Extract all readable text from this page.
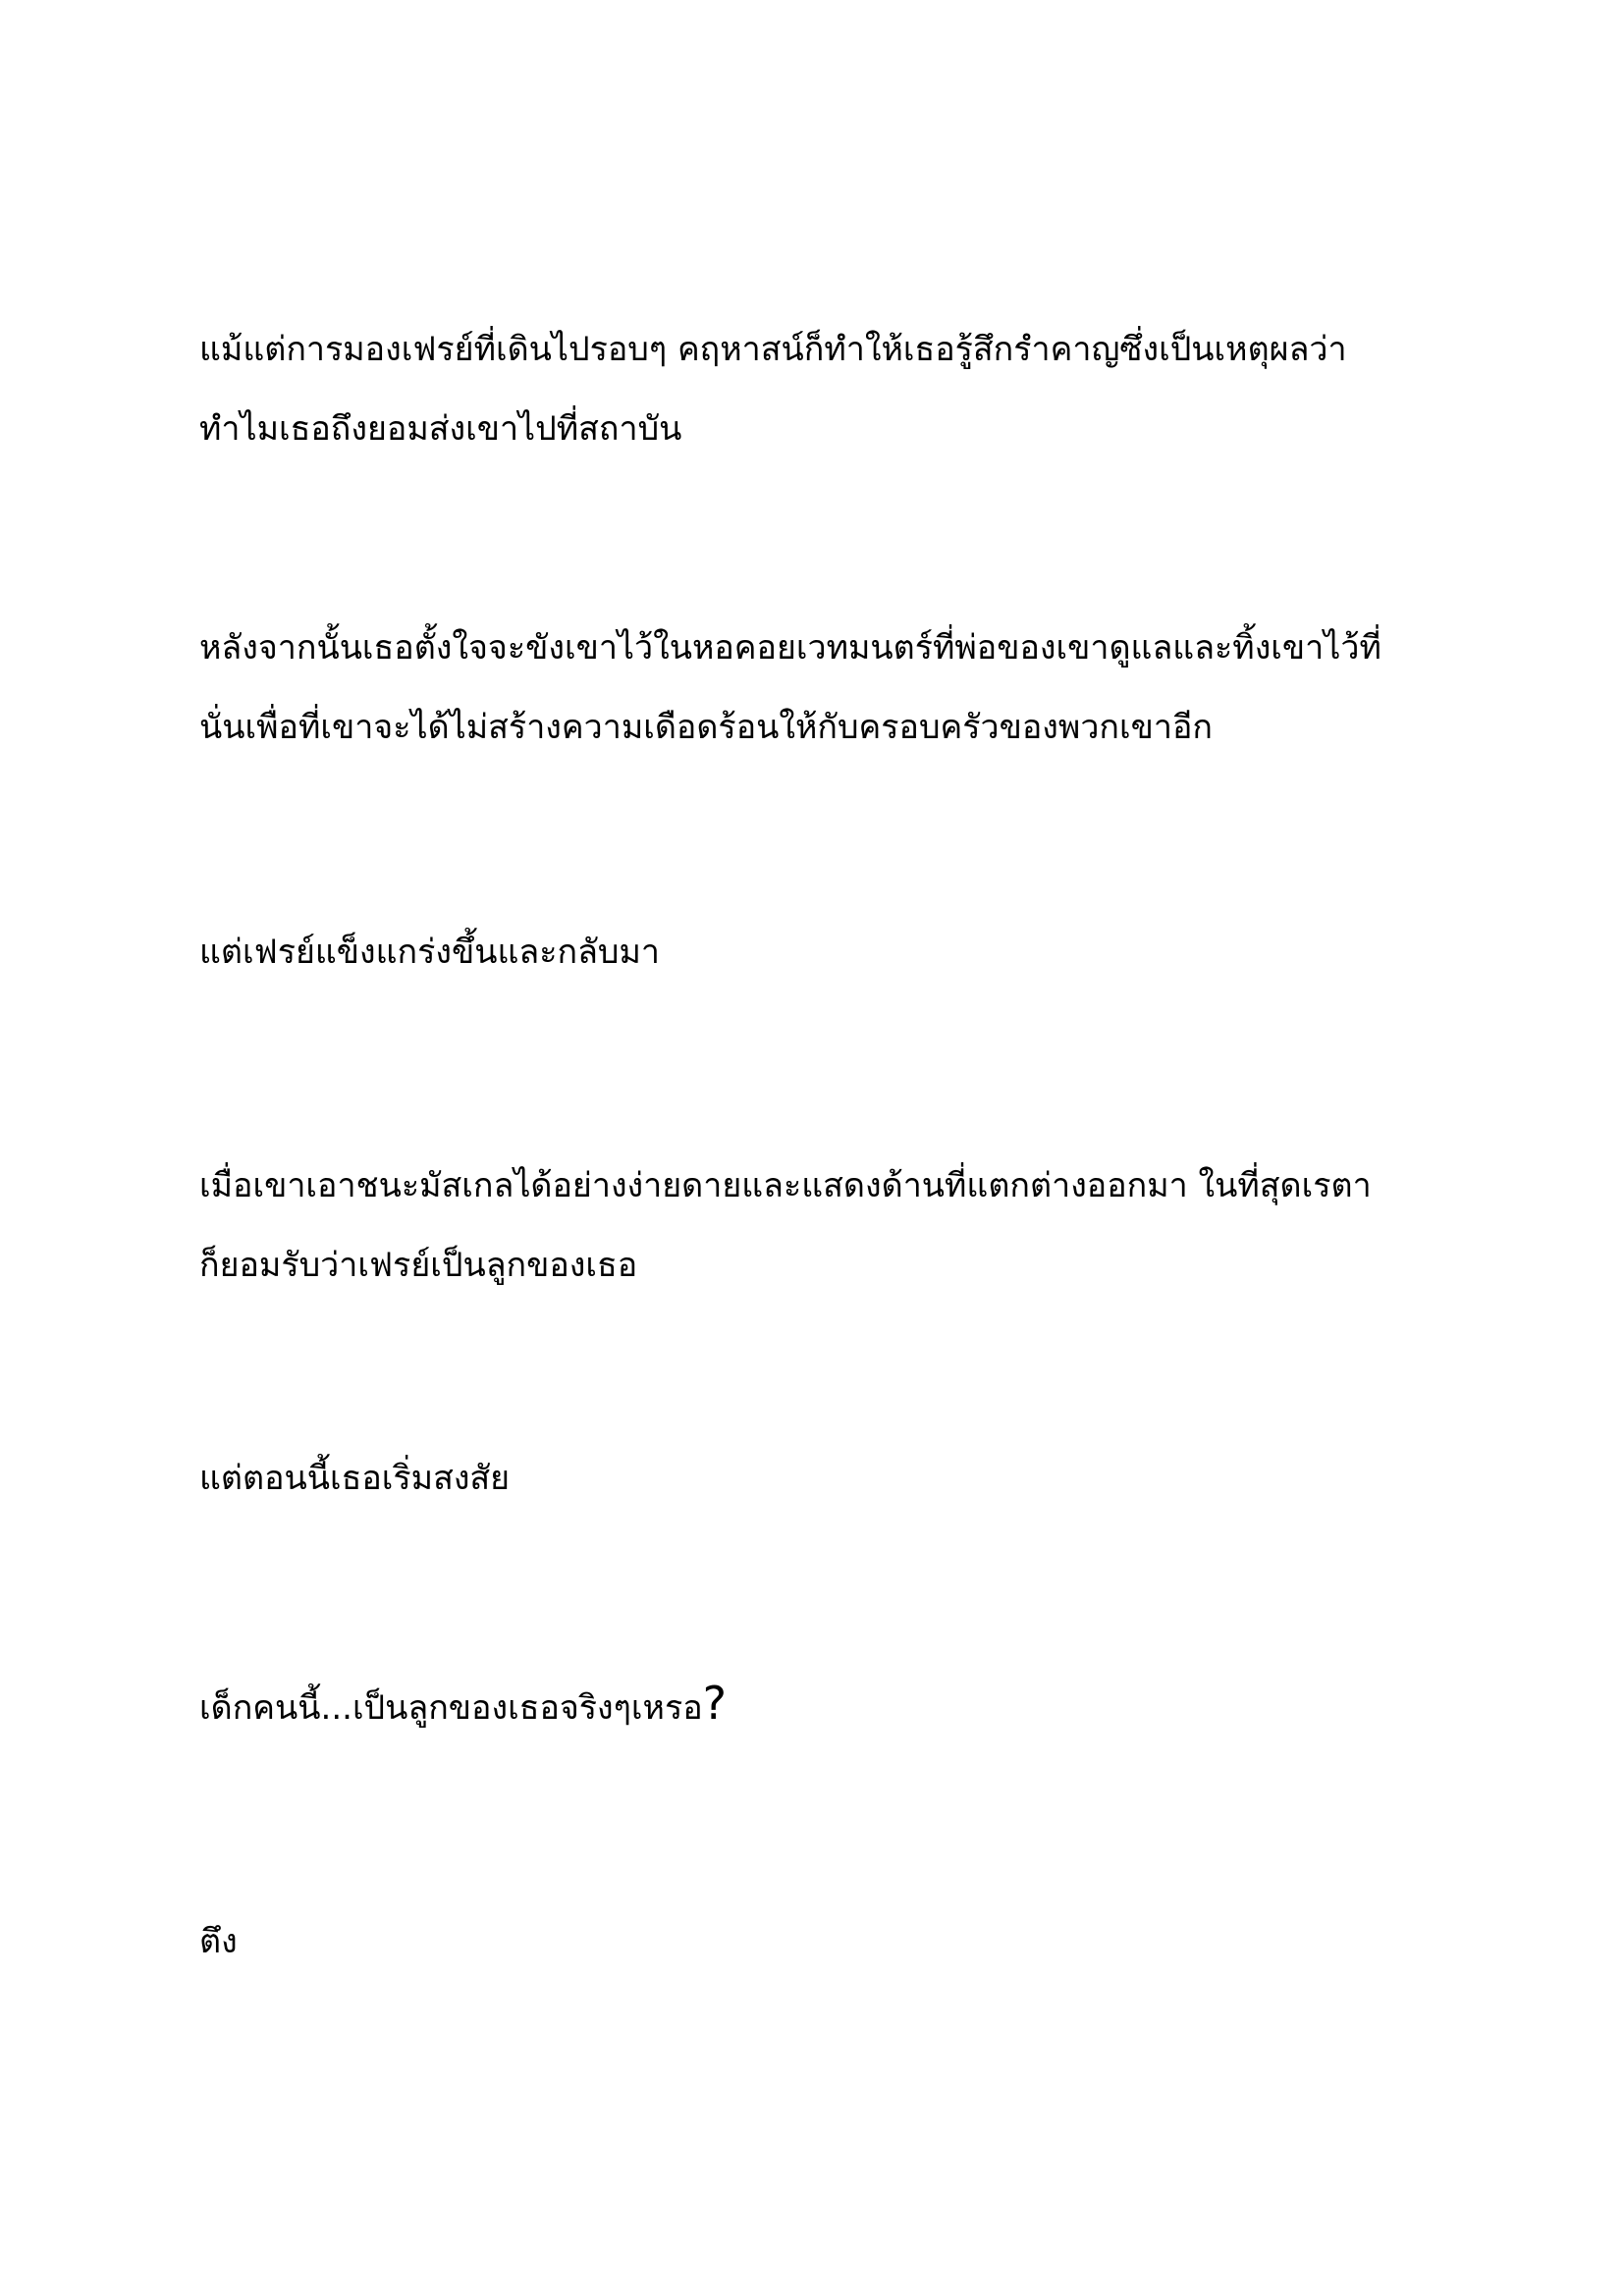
แม้แต่การมองเฟรย์ที่เดินไปรอบๆ คฤหาสน์ก็ทำให้เธอรู้สึกรำคาญซึ่งเป็นเหตุผลว่า
ทำไมเธอถึงยอมส่งเขาไปที่สถาบัน

หลังจากนั้นเธอตั้งใจจะขังเขาไว้ในหอคอยเวทมนตร์ที่พ่อของเขาดูแลและทิ้งเขาไว้ที่
นั่นเพื่อที่เขาจะได้ไม่สร้างความเดือดร้อนให้กับครอบครัวของพวกเขาอีก

แต่เฟรย์แข็งแกร่งขึ้นและกลับมา

เมื่อเขาเอาชนะมัสเกลได้อย่างง่ายดายและแสดงด้านที่แตกต่างออกมา ในที่สุดเรตา
ก็ยอมรับว่าเฟรย์เป็นลูกของเธอ

แต่ตอนนี้เธอเริ่มสงสัย

เด็กคนนี้...เป็นลูกของเธอจริงๆเหรอ?

ตึง
